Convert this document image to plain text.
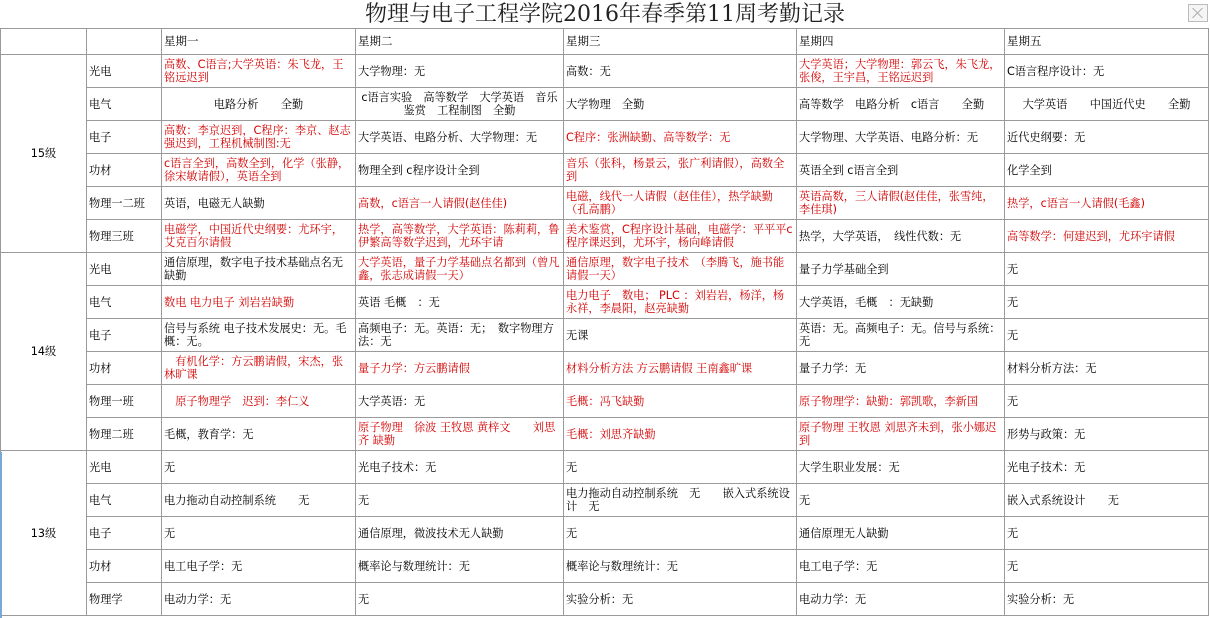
物理与电子工程学院2016年春季第11周考勤记录
		星期一	星期二	星期三	星期四	星期五
15级	光电	高数、C语言;大学英语：朱飞龙，王铭远迟到	大学物理：无	高数：无	大学英语；大学物理：郭云飞，朱飞龙，张俊，王宇昌，王铭远迟到	C语言程序设计：无
	电气	电路分析　　全勤	c语言实验　高等数学　大学英语　音乐鉴赏　工程制图　全勤	大学物理　全勤	高等数学　电路分析　c语言　　全勤	大学英语　　中国近代史　　全勤
	电子	高数：李京迟到，C程序：李京、赵志强迟到，工程机械制图:无	大学英语、电路分析、大学物理：无	C程序：张洲缺勤、高等数学：无	大学物理、大学英语、电路分析：无	近代史纲要：无
	功材	c语言全到，高数全到，化学（张静，徐宋敏请假），英语全到	物理全到 c程序设计全到	音乐（张科，杨景云，张广利请假），高数全到	英语全到 c语言全到	化学全到
	物理一二班	英语，电磁无人缺勤	高数，c语言一人请假(赵佳佳)	电磁，线代一人请假（赵佳佳），热学缺勤（孔高鹏）	英语高数，三人请假(赵佳佳，张雪纯，李佳琪)	热学，c语言一人请假(毛鑫)
	物理三班	电磁学，中国近代史纲要：尤环宇，艾克百尔请假	热学，高等数学，大学英语：陈莉莉，鲁伊繁高等数学迟到，尤环宇请	美术鉴赏，C程序设计基础，电磁学：平平平c程序课迟到，尤环宇，杨向峰请假	热学，大学英语，　线性代数：无	高等数学：何建迟到，尤环宇请假
14级	光电	通信原理，数字电子技术基础点名无缺勤	大学英语，量子力学基础点名都到（曾凡鑫，张志成请假一天）	通信原理，数字电子技术　（李腾飞，施书能请假一天）	量子力学基础全到	无
	电气	数电 电力电子 刘岩岩缺勤	英语 毛概　：无	电力电子　数电； PLC ：刘岩岩，杨洋，杨永祥，李晨阳，赵亮缺勤	大学英语，毛概　：无缺勤	无
	电子	信号与系统 电子技术发展史：无。毛概：无。	高频电子：无。英语：无；　数字物理方法：无	无课	英语：无。高频电子：无。信号与系统：无	无
	功材	　有机化学：方云鹏请假，宋杰，张林旷课	量子力学：方云鹏请假	材料分析方法 方云鹏请假 王南鑫旷课	量子力学：无	材料分析方法：无
	物理一班	　原子物理学　迟到：李仁义	大学英语：无	毛概：冯飞缺勤	原子物理学：缺勤：郭凯歌，李新国	无
	物理二班	毛概，教育学：无	原子物理　徐波 王牧恩 黄梓文　　刘思齐 缺勤	毛概：刘思齐缺勤	原子物理 王牧恩 刘思齐未到，张小娜迟到	形势与政策：无
13级	光电	无	光电子技术：无	无	大学生职业发展：无	光电子技术：无
	电气	电力拖动自动控制系统　　无	无	电力拖动自动控制系统　无　　嵌入式系统设计　无	无	嵌入式系统设计　　无
	电子	无	通信原理，微波技术无人缺勤	无	通信原理无人缺勤	无
	功材	电工电子学：无	概率论与数理统计：无	概率论与数理统计：无	电工电子学：无	无
	物理学	电动力学：无	无	实验分析：无	电动力学：无	实验分析：无
